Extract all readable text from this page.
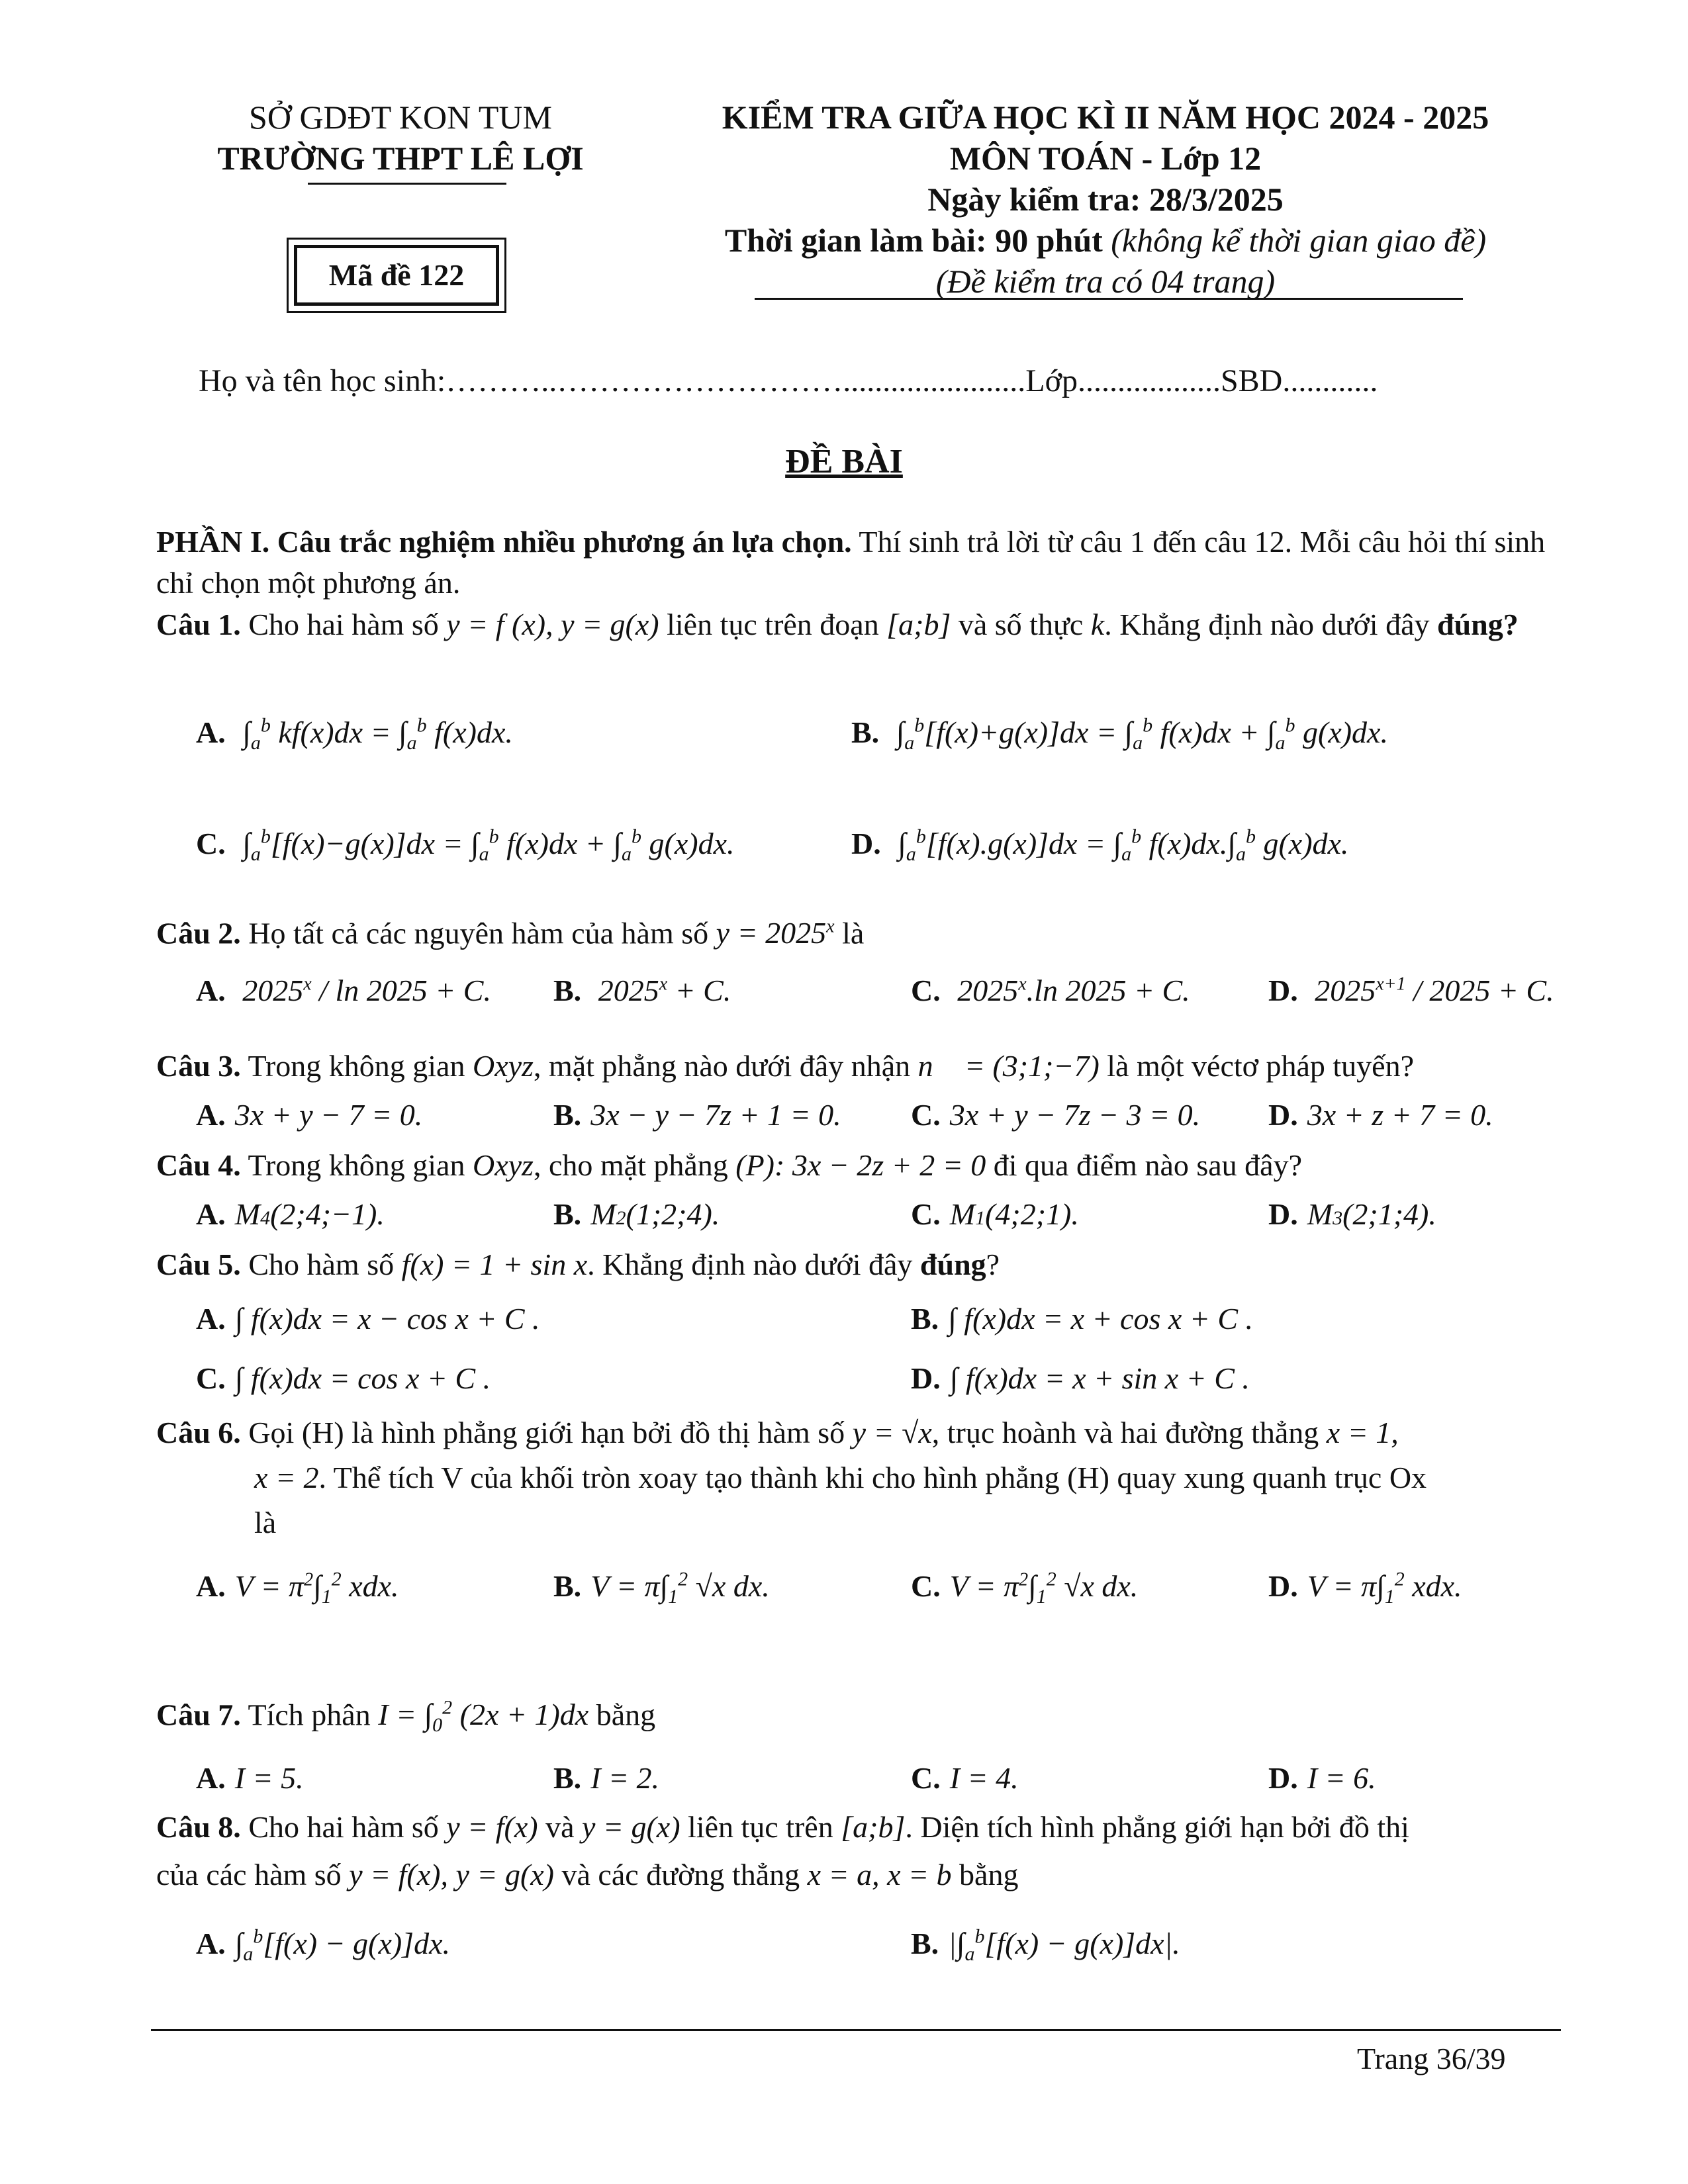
SỞ GDĐT KON TUM
TRƯỜNG THPT LÊ LỢI
Mã đề 122
KIỂM TRA GIỮA HỌC KÌ II NĂM HỌC 2024 - 2025
MÔN TOÁN - Lớp 12
Ngày kiểm tra: 28/3/2025
Thời gian làm bài: 90 phút (không kể thời gian giao đề)
(Đề kiểm tra có 04 trang)
Họ và tên học sinh:………..……………………….......................Lớp..................SBD............
ĐỀ BÀI
PHẦN I. Câu trắc nghiệm nhiều phương án lựa chọn. Thí sinh trả lời từ câu 1 đến câu 12. Mỗi câu hỏi thí sinh chỉ chọn một phương án.
Câu 1. Cho hai hàm số y = f (x), y = g(x) liên tục trên đoạn [a;b] và số thực k. Khẳng định nào dưới đây đúng?
A. $\int_a^b$ $kf(x)dx = \int_a^b$ f(x)dx.	B. $\int_a^b[f(x)+g(x)]dx = \int_a^b$ $f(x)dx + \int_a^b$ g(x)dx.
C. $\int_a^b[f(x)-g(x)]dx = \int_a^b$ $f(x)dx + \int_a^b$ g(x)dx.	D. $\int_a^b[f(x).g(x)]dx = \int_a^b$ $f(x)dx.\int_a^b$ g(x)dx.
Câu 2. Họ tất cả các nguyên hàm của hàm số $y = 2025^x$ là
A. 2025$^x$ / ln 2025 + C. B. $2025^x + C$.	C. 2025$^x$.ln 2025 + C.	D. $2025^{x+1} / 2025 + C$.
Câu 3. Trong không gian Oxyz, mặt phẳng nào dưới đây nhận n⃗ = (3;1;−7) là một véctơ pháp tuyến?
A. 3x + y − 7 = 0.	B. 3x − y − 7z + 1 = 0. C. 3x + y − 7z − 3 = 0. D. 3x + z + 7 = 0.
Câu 4. Trong không gian Oxyz, cho mặt phẳng (P): 3x − 2z + 2 = 0 đi qua điểm nào sau đây?
A. M4(2;4;−1).	B. M2(1;2;4).	C. M1(4;2;1).	D. M3(2;1;4).
Câu 5. Cho hàm số f(x) = 1 + sin x. Khẳng định nào dưới đây đúng?
A. ∫ f(x)dx = x − cos x + C .	B. ∫ f(x)dx = x + cos x + C .
C. ∫ f(x)dx = cos x + C .	D. ∫ f(x)dx = x + sin x + C .
Câu 6. Gọi (H) là hình phẳng giới hạn bởi đồ thị hàm số y = √x, trục hoành và hai đường thẳng x = 1,
x = 2. Thể tích V của khối tròn xoay tạo thành khi cho hình phẳng (H) quay xung quanh trục Ox
là
A. $V = \pi^2\int_1^2$ xdx.	B. $V = \pi\int_1^2$ √x dx.	C. $V = \pi^2\int_1^2$ √x dx.	D. $V = \pi\int_1^2$ xdx.
Câu 7. Tích phân $I = \int_0^2$ (2x + 1)dx bằng
A. I = 5.	B. I = 2.	C. I = 4.	D. I = 6.
Câu 8. Cho hai hàm số y = f(x) và y = g(x) liên tục trên [a;b]. Diện tích hình phẳng giới hạn bởi đồ thị
của các hàm số y = f(x), y = g(x) và các đường thẳng x = a, x = b bằng
A. $\int_a^b[f(x) - g(x)]dx$.	B. $|\int_a^b[f(x) - g(x)]dx|$.
Trang 36/39
